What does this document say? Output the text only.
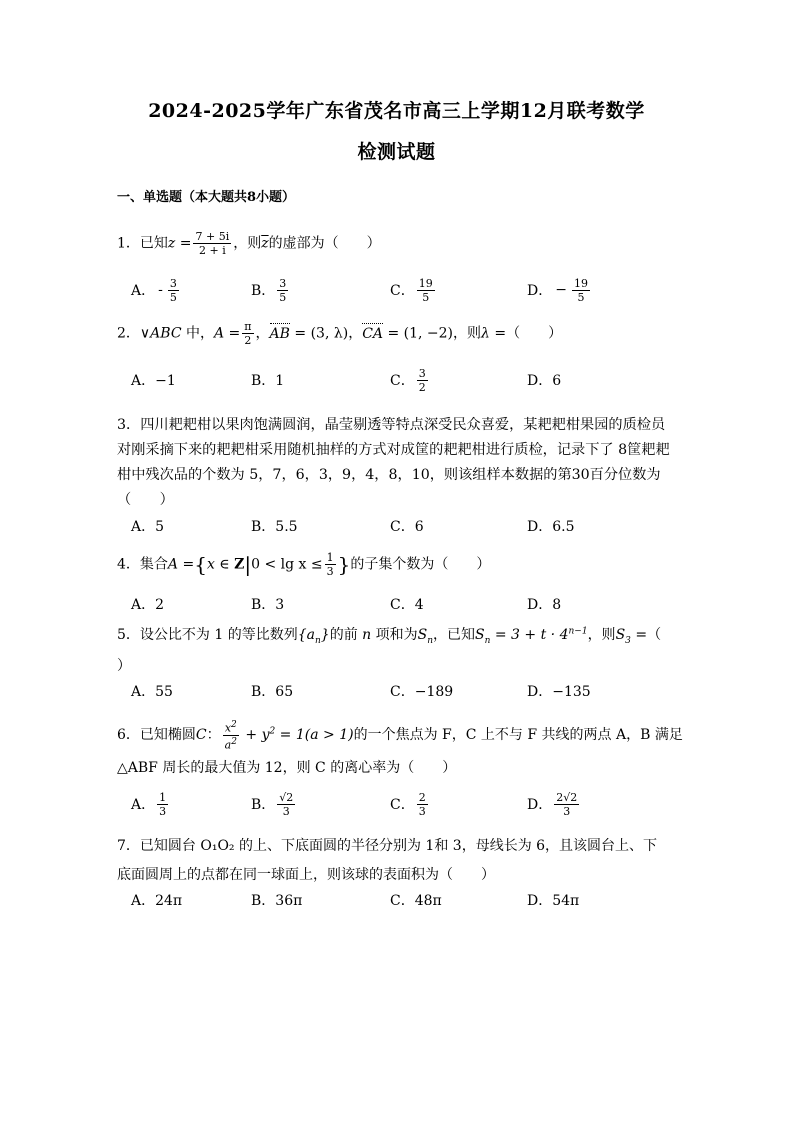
2024-2025学年广东省茂名市高三上学期12月联考数学
检测试题
一、单选题（本大题共8小题）
1．已知$z = \frac{7 + 5i}{2 + i}$ ，则$\overline{z}$的虚部为（　　）
A． - $\frac{3}{5}$	B． $\frac{3}{5}$	C． $\frac{19}{5}$	D． − $\frac{19}{5}$
2．∨ABC 中，$A = \frac{\pi}{2}$ ，AB = (3, λ)，CA = (1, −2)，则λ =（　　）
A．−1	B．1	C． $\frac{3}{2}$	D．6
3．四川耙耙柑以果肉饱满圆润，晶莹剔透等特点深受民众喜爱，某耙耙柑果园的质检员对刚采摘下来的耙耙柑采用随机抽样的方式对成筐的耙耙柑进行质检，记录下了 8筐耙耙柑中残次品的个数为 5，7，6，3，9，4，8，10，则该组样本数据的第30百分位数为（　　）
A．5	B．5.5	C．6	D．6.5
4．集合A ={x ∈ $Z|0 < \lg x \le \frac{1}{3}$ }的子集个数为（　　）
A．2	B．3	C．4	D．8
5．设公比不为 1 的等比数列$\{a_n\}$的前 n 项和为$S_n$，已知$S_n = 3 + t \cdot 4^{n-1}$，则$S_3$ =（
）
A．55	B．65	C．−189	D．−135
6．已知椭圆C： $\frac{x^2}{a^2} + y^2 = 1(a > 1)$的一个焦点为 F，C 上不与 F 共线的两点 A，B 满足
△ABF 周长的最大值为 12，则 C 的离心率为（　　）
A． $\frac{1}{3}$	B． $\frac{√2}{3}$	C． $\frac{2}{3}$	D． $\frac{2√2}{3}$
7．已知圆台 O₁O₂ 的上、下底面圆的半径分别为 1和 3，母线长为 6，且该圆台上、下
底面圆周上的点都在同一球面上，则该球的表面积为（　　）
A．24π	B．36π	C．48π	D．54π
